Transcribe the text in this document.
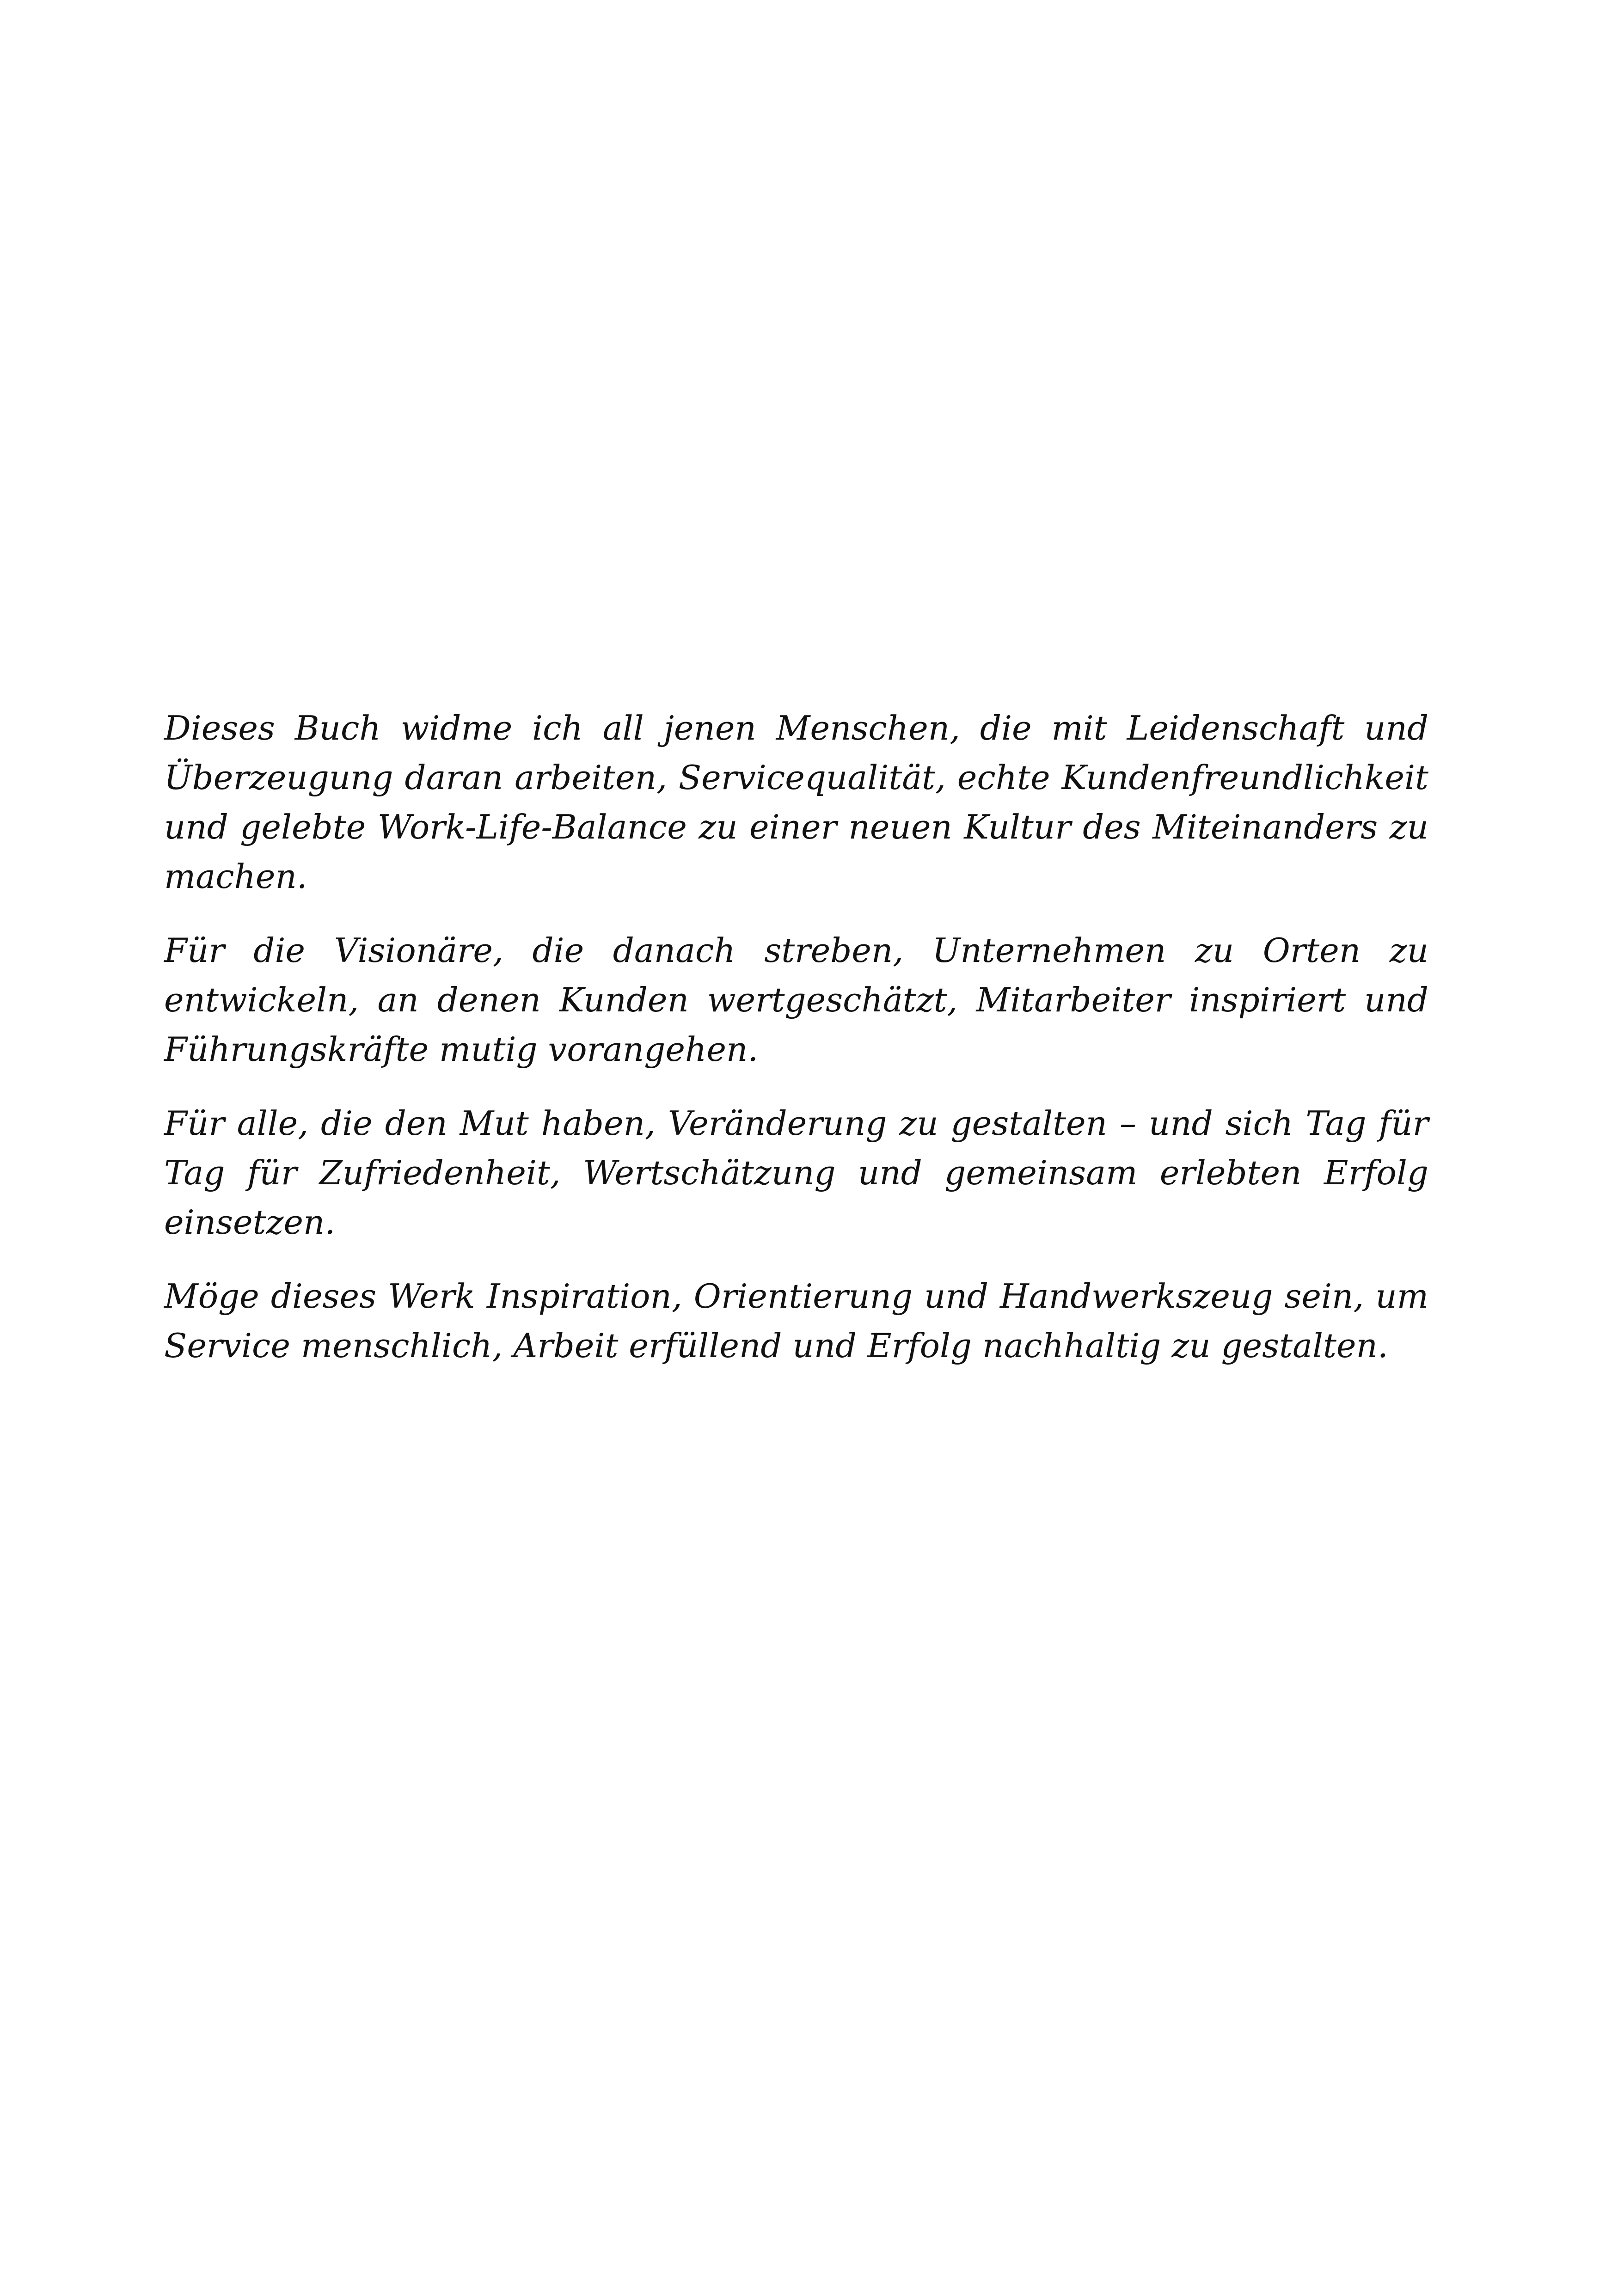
Dieses Buch widme ich all jenen Menschen, die mit Leidenschaft und Überzeugung daran arbeiten, Servicequalität, echte Kundenfreundlichkeit und gelebte Work-Life-Balance zu einer neuen Kultur des Miteinanders zu machen.

Für die Visionäre, die danach streben, Unternehmen zu Orten zu entwickeln, an denen Kunden wertgeschätzt, Mitarbeiter inspiriert und Führungskräfte mutig vorangehen.

Für alle, die den Mut haben, Veränderung zu gestalten – und sich Tag für Tag für Zufriedenheit, Wertschätzung und gemeinsam erlebten Erfolg einsetzen.

Möge dieses Werk Inspiration, Orientierung und Handwerkszeug sein, um Service menschlich, Arbeit erfüllend und Erfolg nachhaltig zu gestalten.
